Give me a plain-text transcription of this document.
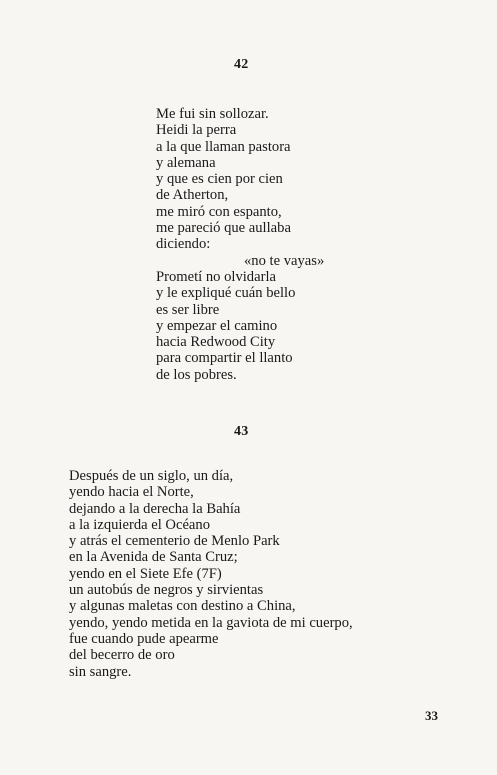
42
Me fui sin sollozar.
Heidi la perra
a la que llaman pastora
y alemana
y que es cien por cien
de Atherton,
me miró con espanto,
me pareció que aullaba
diciendo:
«no te vayas»
Prometí no olvidarla
y le expliqué cuán bello
es ser libre
y empezar el camino
hacia Redwood City
para compartir el llanto
de los pobres.
43
Después de un siglo, un día,
yendo hacia el Norte,
dejando a la derecha la Bahía
a la izquierda el Océano
y atrás el cementerio de Menlo Park
en la Avenida de Santa Cruz;
yendo en el Siete Efe (7F)
un autobús de negros y sirvientas
y algunas maletas con destino a China,
yendo, yendo metida en la gaviota de mi cuerpo,
fue cuando pude apearme
del becerro de oro
sin sangre.
33
